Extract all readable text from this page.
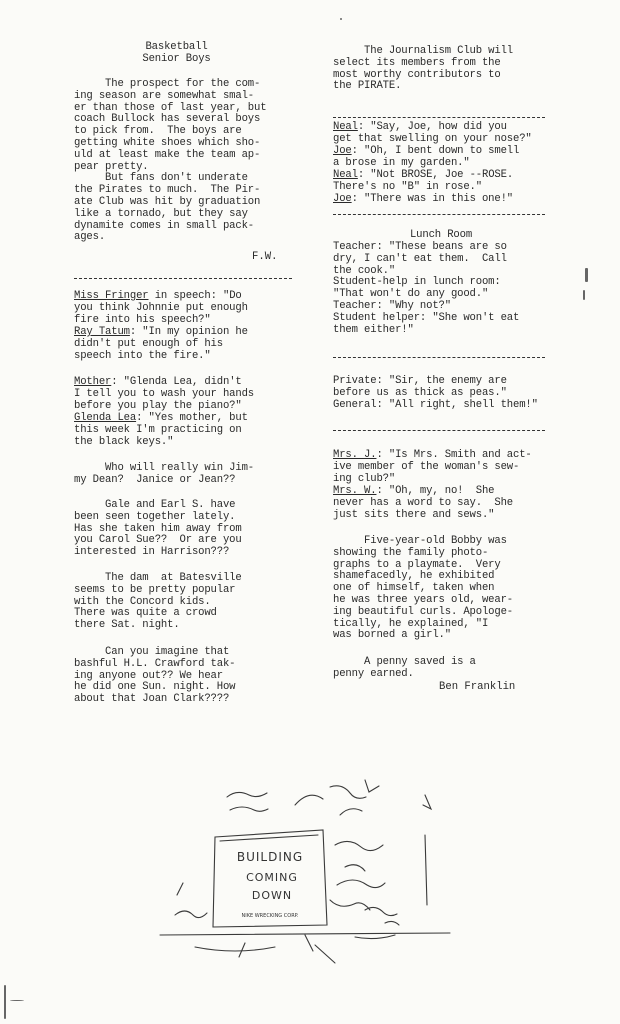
Basketball
Senior Boys
The prospect for the com-
ing season are somewhat smal-
er than those of last year, but
coach Bullock has several boys
to pick from.  The boys are
getting white shoes which sho-
uld at least make the team ap-
pear pretty.
But fans don't underate
the Pirates to much.  The Pir-
ate Club was hit by graduation
like a tornado, but they say
dynamite comes in small pack-
ages.
F.W.
Miss Fringer in speech: "Do
you think Johnnie put enough
fire into his speech?"
Ray Tatum: "In my opinion he
didn't put enough of his
speech into the fire."
Mother: "Glenda Lea, didn't
I tell you to wash your hands
before you play the piano?"
Glenda Lea: "Yes mother, but
this week I'm practicing on
the black keys."
Who will really win Jim-
my Dean?  Janice or Jean??
Gale and Earl S. have
been seen together lately.
Has she taken him away from
you Carol Sue??  Or are you
interested in Harrison???
The dam  at Batesville
seems to be pretty popular
with the Concord kids.
There was quite a crowd
there Sat. night.
Can you imagine that
bashful H.L. Crawford tak-
ing anyone out?? We hear
he did one Sun. night. How
about that Joan Clark????
The Journalism Club will
select its members from the
most worthy contributors to
the PIRATE.
Neal: "Say, Joe, how did you
get that swelling on your nose?"
Joe: "Oh, I bent down to smell
a brose in my garden."
Neal: "Not BROSE, Joe --ROSE.
There's no "B" in rose."
Joe: "There was in this one!"
Lunch Room
Teacher: "These beans are so
dry, I can't eat them.  Call
the cook."
Student-help in lunch room:
"That won't do any good."
Teacher: "Why not?"
Student helper: "She won't eat
them either!"
Private: "Sir, the enemy are
before us as thick as peas."
General: "All right, shell them!"
Mrs. J.: "Is Mrs. Smith and act-
ive member of the woman's sew-
ing club?"
Mrs. W.: "Oh, my, no!  She
never has a word to say.  She
just sits there and sews."
Five-year-old Bobby was
showing the family photo-
graphs to a playmate.  Very
shamefacedly, he exhibited
one of himself, taken when
he was three years old, wear-
ing beautiful curls. Apologe-
tically, he explained, "I
was borned a girl."
A penny saved is a
penny earned.
Ben Franklin
BUILDING
COMING
DOWN
NIKE WRECKING CORP.
